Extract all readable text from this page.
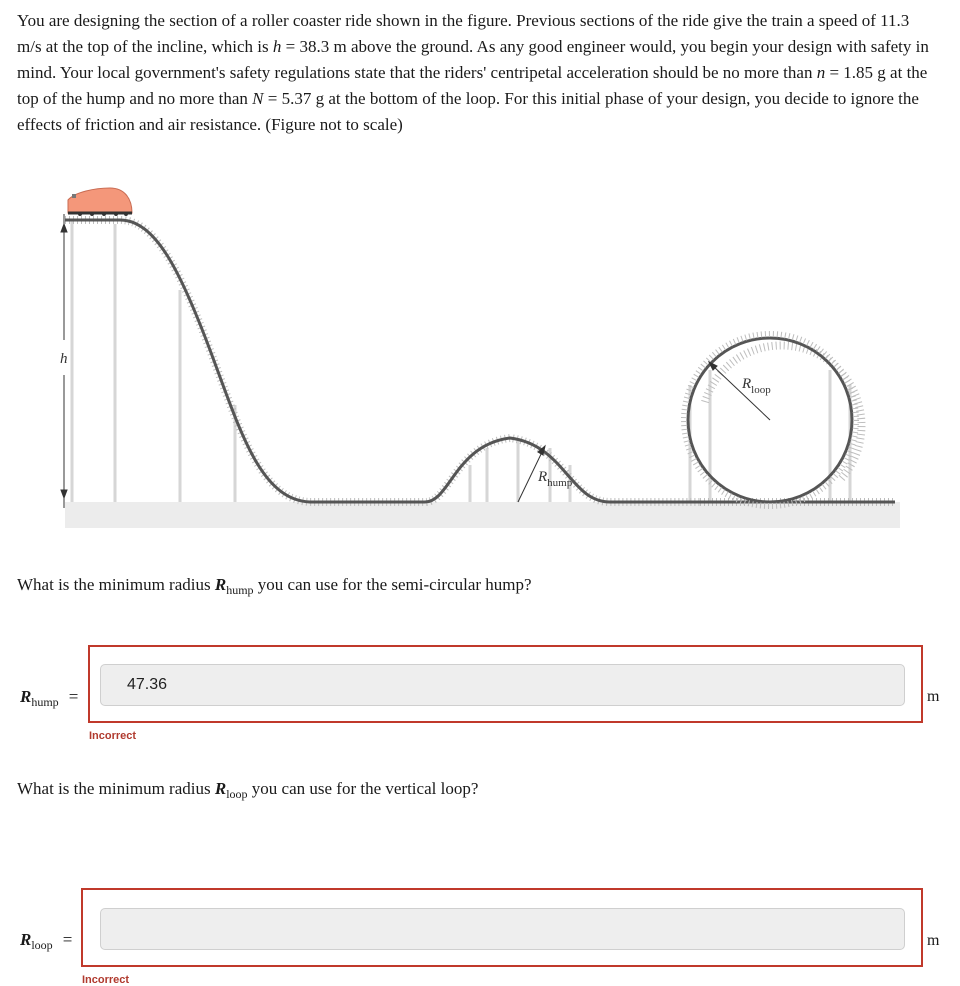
You are designing the section of a roller coaster ride shown in the figure. Previous sections of the ride give the train a speed of 11.3 m/s at the top of the incline, which is h = 38.3 m above the ground. As any good engineer would, you begin your design with safety in mind. Your local government's safety regulations state that the riders' centripetal acceleration should be no more than n = 1.85 g at the top of the hump and no more than N = 5.37 g at the bottom of the loop. For this initial phase of your design, you decide to ignore the effects of friction and air resistance. (Figure not to scale)

h
$R_{hump}$
$R_{loop}$

What is the minimum radius $R_{hump}$ you can use for the semi-circular hump?

$R_{hump}$ =
47.36	m
Incorrect

What is the minimum radius $R_{loop}$ you can use for the vertical loop?

$R_{loop}$ =	m
Incorrect
